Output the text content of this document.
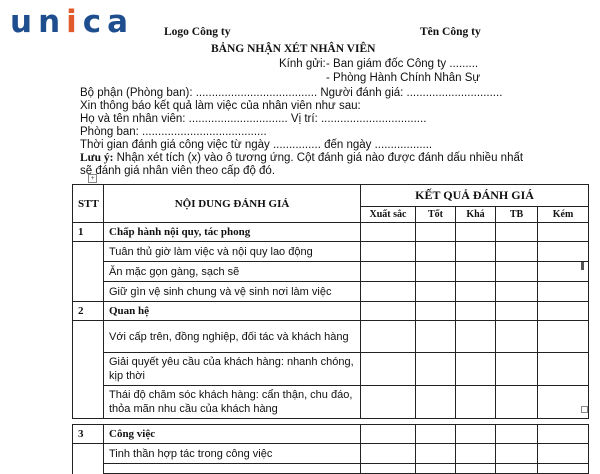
unica	Logo Công ty	Tên Công ty
BẢNG NHẬN XÉT NHÂN VIÊN
Kính gửi: - Ban giám đốc Công ty .........
- Phòng Hành Chính Nhân Sự
Bộ phận (Phòng ban): ...................................... Người đánh giá: ..............................
Xin thông báo kết quả làm việc của nhân viên như sau:
Họ và tên nhân viên: ............................... Vị trí: .................................
Phòng ban: .......................................
Thời gian đánh giá công việc từ ngày ............... đến ngày ..................
Lưu ý: Nhận xét tích (x) vào ô tương ứng. Cột đánh giá nào được đánh dấu nhiều nhất
sẽ đánh giá nhân viên theo cấp độ đó.
+
STT	NỘI DUNG ĐÁNH GIÁ	KẾT QUẢ ĐÁNH GIÁ				
		Xuất sắc	Tốt	Khá	TB	Kém
1	Chấp hành nội quy, tác phong					
	Tuân thủ giờ làm việc và nội quy lao động					
	Ăn mặc gọn gàng, sạch sẽ					
	Giữ gìn vệ sinh chung và vệ sinh nơi làm việc					
2	Quan hệ					
	Với cấp trên, đồng nghiệp, đối tác và khách hàng					
	Giải quyết yêu cầu của khách hàng: nhanh chóng, kịp thời					
	Thái độ chăm sóc khách hàng: cẩn thận, chu đáo, thỏa mãn nhu cầu của khách hàng					

3	Công việc					
	Tinh thần hợp tác trong công việc					
